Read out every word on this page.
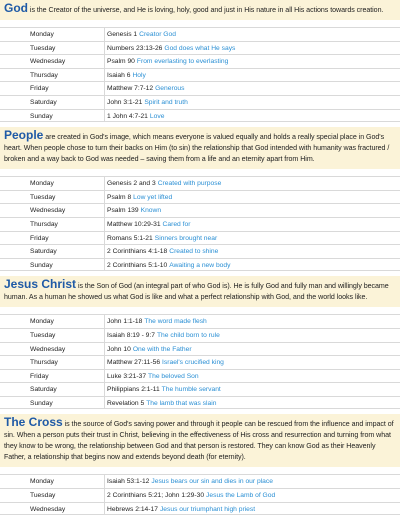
God is the Creator of the universe, and He is loving, holy, good and just in His nature in all His actions towards creation.
Monday	Genesis 1 Creator God
Tuesday	Numbers 23:13-26 God does what He says
Wednesday	Psalm 90 From everlasting to everlasting
Thursday	Isaiah 6 Holy
Friday	Matthew 7:7-12 Generous
Saturday	John 3:1-21 Spirit and truth
Sunday	1 John 4:7-21 Love
People are created in God's image, which means everyone is valued equally and holds a really special place in God's heart. When people chose to turn their backs on Him (to sin) the relationship that God intended with humanity was fractured / broken and a way back to God was needed – saving them from a life and an eternity apart from Him.
Monday	Genesis 2 and 3 Created with purpose
Tuesday	Psalm 8 Low yet lifted
Wednesday	Psalm 139 Known
Thursday	Matthew 10:29-31 Cared for
Friday	Romans 5:1-21 Sinners brought near
Saturday	2 Corinthians 4:1-18 Created to shine
Sunday	2 Corinthians 5:1-10 Awaiting a new body
Jesus Christ is the Son of God (an integral part of who God is). He is fully God and fully man and willingly became human. As a human he showed us what God is like and what a perfect relationship with God, and the world looks like.
Monday	John 1:1-18 The word made flesh
Tuesday	Isaiah 8:19 - 9:7 The child born to rule
Wednesday	John 10 One with the Father
Thursday	Matthew 27:11-56 Israel's crucified king
Friday	Luke 3:21-37 The beloved Son
Saturday	Philippians 2:1-11 The humble servant
Sunday	Revelation 5 The lamb that was slain
The Cross is the source of God's saving power and through it people can be rescued from the influence and impact of sin. When a person puts their trust in Christ, believing in the effectiveness of His cross and resurrection and turning from what they know to be wrong, the relationship between God and that person is restored. They can know God as their Heavenly Father, a relationship that begins now and extends beyond death (for eternity).
Monday	Isaiah 53:1-12 Jesus bears our sin and dies in our place
Tuesday	2 Corinthians 5:21; John 1:29-30 Jesus the Lamb of God
Wednesday	Hebrews 2:14-17 Jesus our triumphant high priest
